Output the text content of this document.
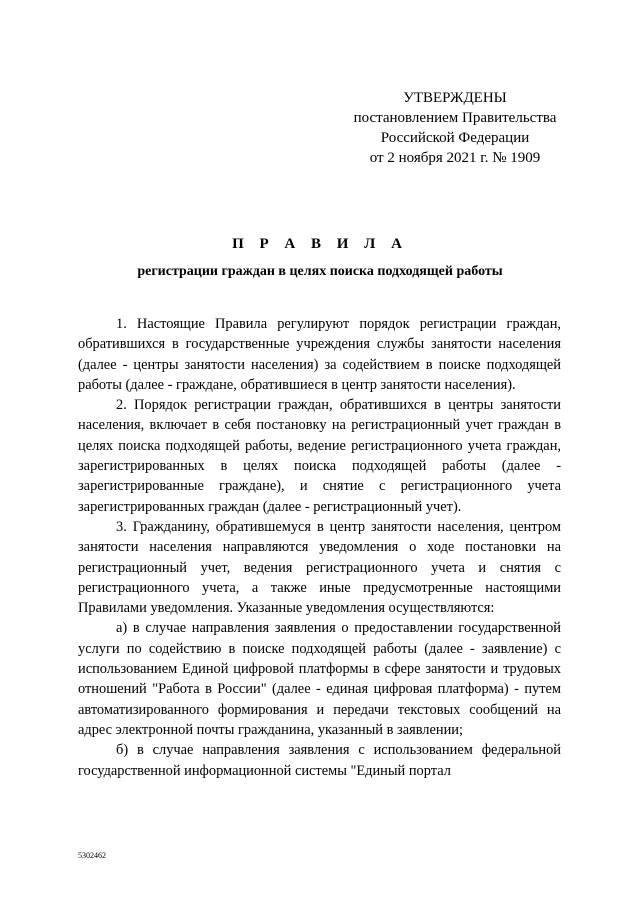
УТВЕРЖДЕНЫ
постановлением Правительства
Российской Федерации
от 2 ноября 2021 г. № 1909
П Р А В И Л А
регистрации граждан в целях поиска подходящей работы

1. Настоящие Правила регулируют порядок регистрации граждан, обратившихся в государственные учреждения службы занятости населения (далее - центры занятости населения) за содействием в поиске подходящей работы (далее - граждане, обратившиеся в центр занятости населения).

2. Порядок регистрации граждан, обратившихся в центры занятости населения, включает в себя постановку на регистрационный учет граждан в целях поиска подходящей работы, ведение регистрационного учета граждан, зарегистрированных в целях поиска подходящей работы (далее - зарегистрированные граждане), и снятие с регистрационного учета зарегистрированных граждан (далее - регистрационный учет).

3. Гражданину, обратившемуся в центр занятости населения, центром занятости населения направляются уведомления о ходе постановки на регистрационный учет, ведения регистрационного учета и снятия с регистрационного учета, а также иные предусмотренные настоящими Правилами уведомления. Указанные уведомления осуществляются:

а) в случае направления заявления о предоставлении государственной услуги по содействию в поиске подходящей работы (далее - заявление) с использованием Единой цифровой платформы в сфере занятости и трудовых отношений "Работа в России" (далее - единая цифровая платформа) - путем автоматизированного формирования и передачи текстовых сообщений на адрес электронной почты гражданина, указанный в заявлении;

б) в случае направления заявления с использованием федеральной государственной информационной системы "Единый портал

5302462
